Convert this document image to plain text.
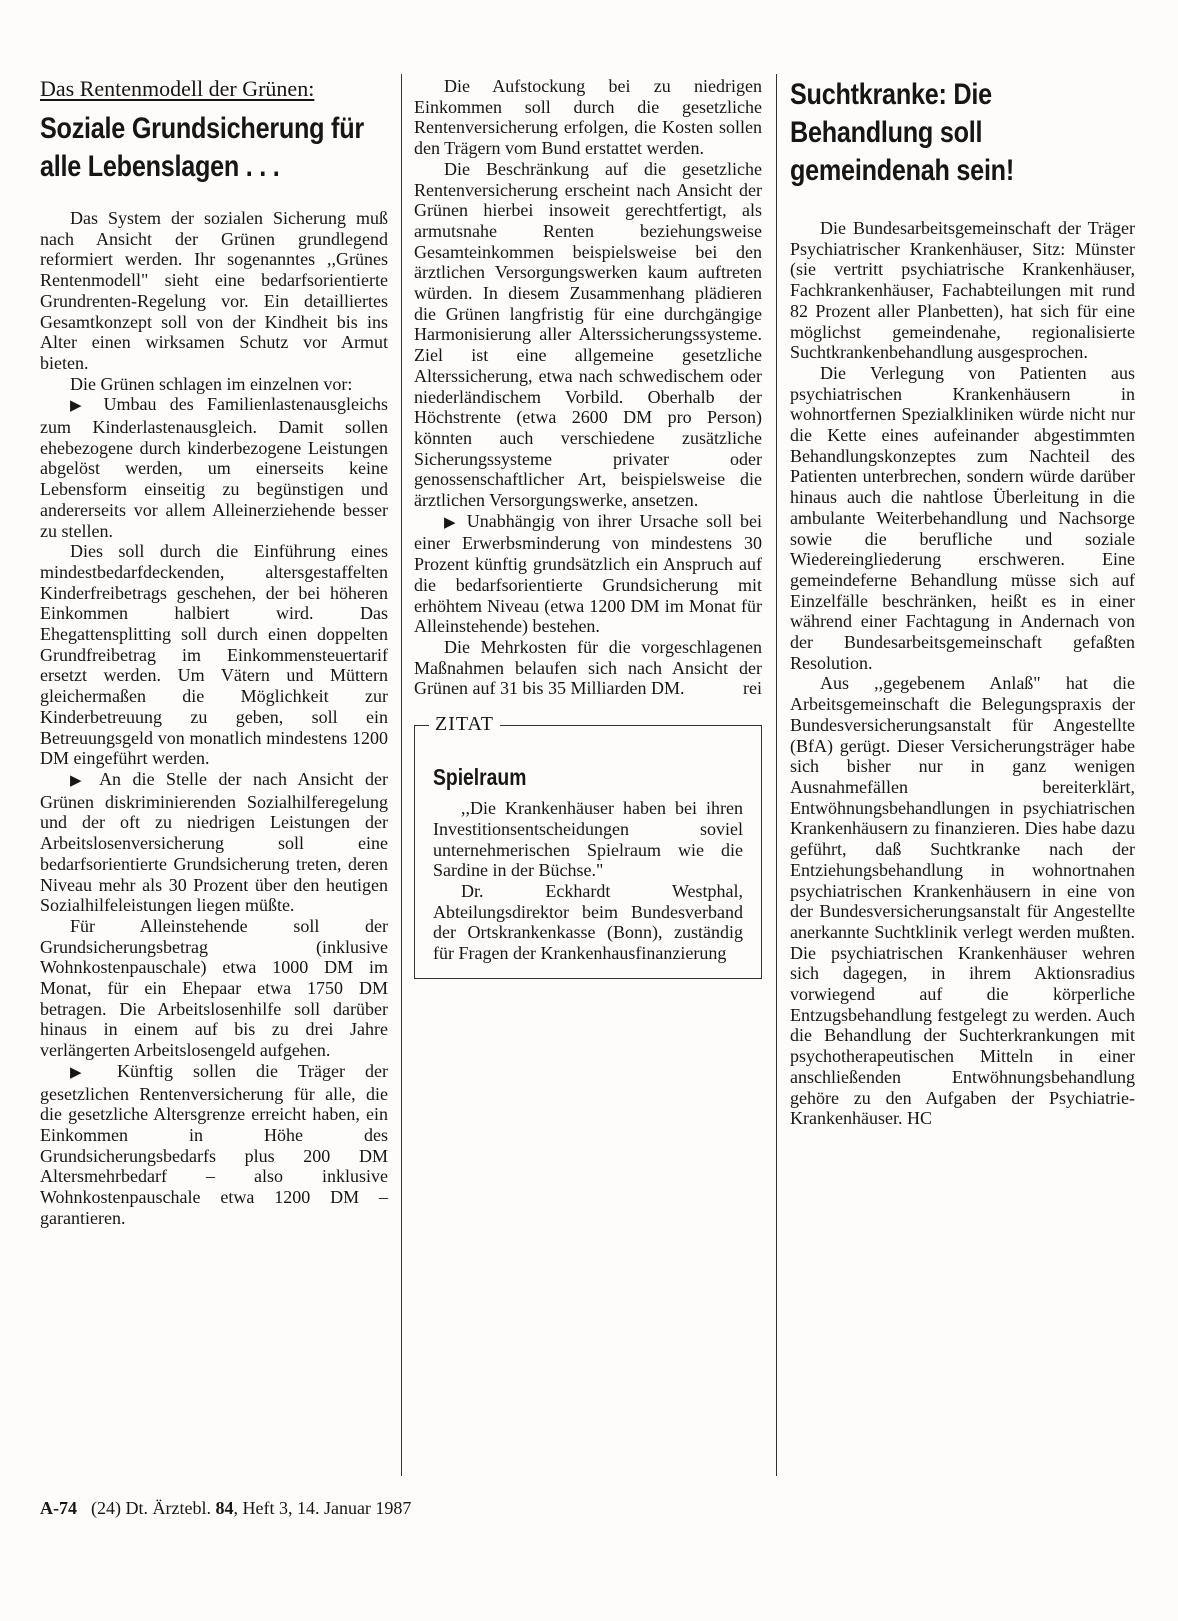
Das Rentenmodell der Grünen:
Soziale Grundsicherung für alle Lebenslagen . . .

Das System der sozialen Sicherung muß nach Ansicht der Grünen grundlegend reformiert werden. Ihr sogenanntes ,,Grünes Rentenmodell" sieht eine bedarfsorientierte Grundrenten-Regelung vor. Ein detailliertes Gesamtkonzept soll von der Kindheit bis ins Alter einen wirksamen Schutz vor Armut bieten.

Die Grünen schlagen im einzelnen vor:

▶ Umbau des Familienlastenausgleichs zum Kinderlastenausgleich. Damit sollen ehebezogene durch kinderbezogene Leistungen abgelöst werden, um einerseits keine Lebensform einseitig zu begünstigen und andererseits vor allem Alleinerziehende besser zu stellen.

Dies soll durch die Einführung eines mindestbedarfdeckenden, altersgestaffelten Kinderfreibetrags geschehen, der bei höheren Einkommen halbiert wird. Das Ehegattensplitting soll durch einen doppelten Grundfreibetrag im Einkommensteuertarif ersetzt werden. Um Vätern und Müttern gleichermaßen die Möglichkeit zur Kinderbetreuung zu geben, soll ein Betreuungsgeld von monatlich mindestens 1200 DM eingeführt werden.

▶ An die Stelle der nach Ansicht der Grünen diskriminierenden Sozialhilferegelung und der oft zu niedrigen Leistungen der Arbeitslosenversicherung soll eine bedarfsorientierte Grundsicherung treten, deren Niveau mehr als 30 Prozent über den heutigen Sozialhilfeleistungen liegen müßte.

Für Alleinstehende soll der Grundsicherungsbetrag (inklusive Wohnkostenpauschale) etwa 1000 DM im Monat, für ein Ehepaar etwa 1750 DM betragen. Die Arbeitslosenhilfe soll darüber hinaus in einem auf bis zu drei Jahre verlängerten Arbeitslosengeld aufgehen.

▶ Künftig sollen die Träger der gesetzlichen Rentenversicherung für alle, die die gesetzliche Altersgrenze erreicht haben, ein Einkommen in Höhe des Grundsicherungsbedarfs plus 200 DM Altersmehrbedarf – also inklusive Wohnkostenpauschale etwa 1200 DM – garantieren.

Die Aufstockung bei zu niedrigen Einkommen soll durch die gesetzliche Rentenversicherung erfolgen, die Kosten sollen den Trägern vom Bund erstattet werden.

Die Beschränkung auf die gesetzliche Rentenversicherung erscheint nach Ansicht der Grünen hierbei insoweit gerechtfertigt, als armutsnahe Renten beziehungsweise Gesamteinkommen beispielsweise bei den ärztlichen Versorgungswerken kaum auftreten würden. In diesem Zusammenhang plädieren die Grünen langfristig für eine durchgängige Harmonisierung aller Alterssicherungssysteme. Ziel ist eine allgemeine gesetzliche Alterssicherung, etwa nach schwedischem oder niederländischem Vorbild. Oberhalb der Höchstrente (etwa 2600 DM pro Person) könnten auch verschiedene zusätzliche Sicherungssysteme privater oder genossenschaftlicher Art, beispielsweise die ärztlichen Versorgungswerke, ansetzen.

▶ Unabhängig von ihrer Ursache soll bei einer Erwerbsminderung von mindestens 30 Prozent künftig grundsätzlich ein Anspruch auf die bedarfsorientierte Grundsicherung mit erhöhtem Niveau (etwa 1200 DM im Monat für Alleinstehende) bestehen.

Die Mehrkosten für die vorgeschlagenen Maßnahmen belaufen sich nach Ansicht der Grünen auf 31 bis 35 Milliarden DM.	rei

ZITAT
Spielraum

,,Die Krankenhäuser haben bei ihren Investitionsentscheidungen soviel unternehmerischen Spielraum wie die Sardine in der Büchse."

Dr. Eckhardt Westphal, Abteilungsdirektor beim Bundesverband der Ortskrankenkasse (Bonn), zuständig für Fragen der Krankenhausfinanzierung

Suchtkranke: Die Behandlung soll gemeindenah sein!

Die Bundesarbeitsgemeinschaft der Träger Psychiatrischer Krankenhäuser, Sitz: Münster (sie vertritt psychiatrische Krankenhäuser, Fachkrankenhäuser, Fachabteilungen mit rund 82 Prozent aller Planbetten), hat sich für eine möglichst gemeindenahe, regionalisierte Suchtkrankenbehandlung ausgesprochen.

Die Verlegung von Patienten aus psychiatrischen Krankenhäusern in wohnortfernen Spezialkliniken würde nicht nur die Kette eines aufeinander abgestimmten Behandlungskonzeptes zum Nachteil des Patienten unterbrechen, sondern würde darüber hinaus auch die nahtlose Überleitung in die ambulante Weiterbehandlung und Nachsorge sowie die berufliche und soziale Wiedereingliederung erschweren. Eine gemeindeferne Behandlung müsse sich auf Einzelfälle beschränken, heißt es in einer während einer Fachtagung in Andernach von der Bundesarbeitsgemeinschaft gefaßten Resolution.

Aus ,,gegebenem Anlaß" hat die Arbeitsgemeinschaft die Belegungspraxis der Bundesversicherungsanstalt für Angestellte (BfA) gerügt. Dieser Versicherungsträger habe sich bisher nur in ganz wenigen Ausnahmefällen bereiterklärt, Entwöhnungsbehandlungen in psychiatrischen Krankenhäusern zu finanzieren. Dies habe dazu geführt, daß Suchtkranke nach der Entziehungsbehandlung in wohnortnahen psychiatrischen Krankenhäusern in eine von der Bundesversicherungsanstalt für Angestellte anerkannte Suchtklinik verlegt werden mußten. Die psychiatrischen Krankenhäuser wehren sich dagegen, in ihrem Aktionsradius vorwiegend auf die körperliche Entzugsbehandlung festgelegt zu werden. Auch die Behandlung der Suchterkrankungen mit psychotherapeutischen Mitteln in einer anschließenden Entwöhnungsbehandlung gehöre zu den Aufgaben der Psychiatrie-Krankenhäuser. HC

A-74 (24) Dt. Ärztebl. 84, Heft 3, 14. Januar 1987
